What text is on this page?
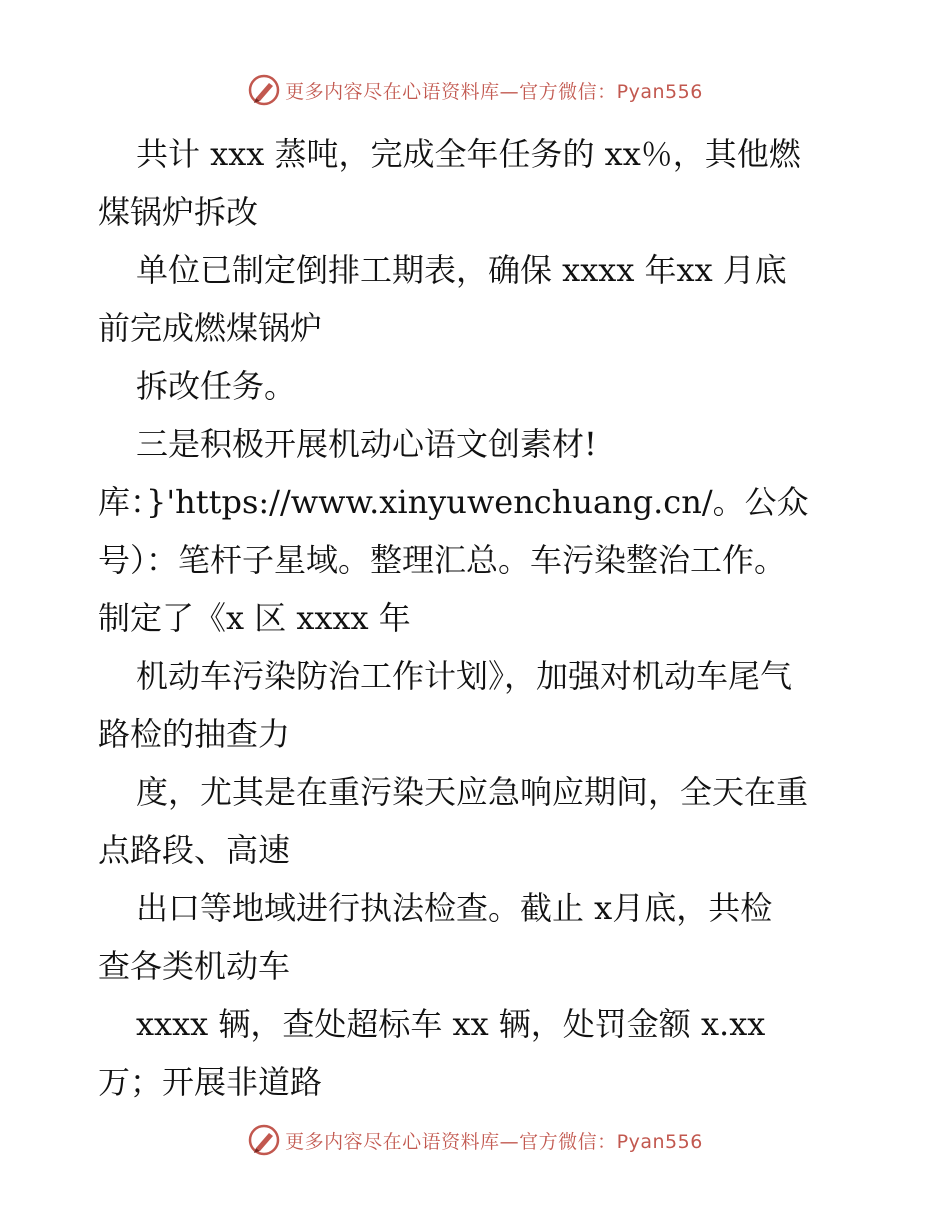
更多内容尽在心语资料库—官方微信：Pyan556
共计 xxx 蒸吨，完成全年任务的 xx％，其他燃
煤锅炉拆改
单位已制定倒排工期表，确保 xxxx 年xx 月底
前完成燃煤锅炉
拆改任务。
三是积极开展机动心语文创素材!
库：}'https://www.xinyuwenchuang.cn/。公众
号）：笔杆子星域。整理汇总。车污染整治工作。
制定了《x 区 xxxx 年
机动车污染防治工作计划》，加强对机动车尾气
路检的抽查力
度，尤其是在重污染天应急响应期间，全天在重
点路段、高速
出口等地域进行执法检查。截止 x月底，共检
查各类机动车
xxxx 辆，查处超标车 xx 辆，处罚金额 x.xx
万；开展非道路
更多内容尽在心语资料库—官方微信：Pyan556
